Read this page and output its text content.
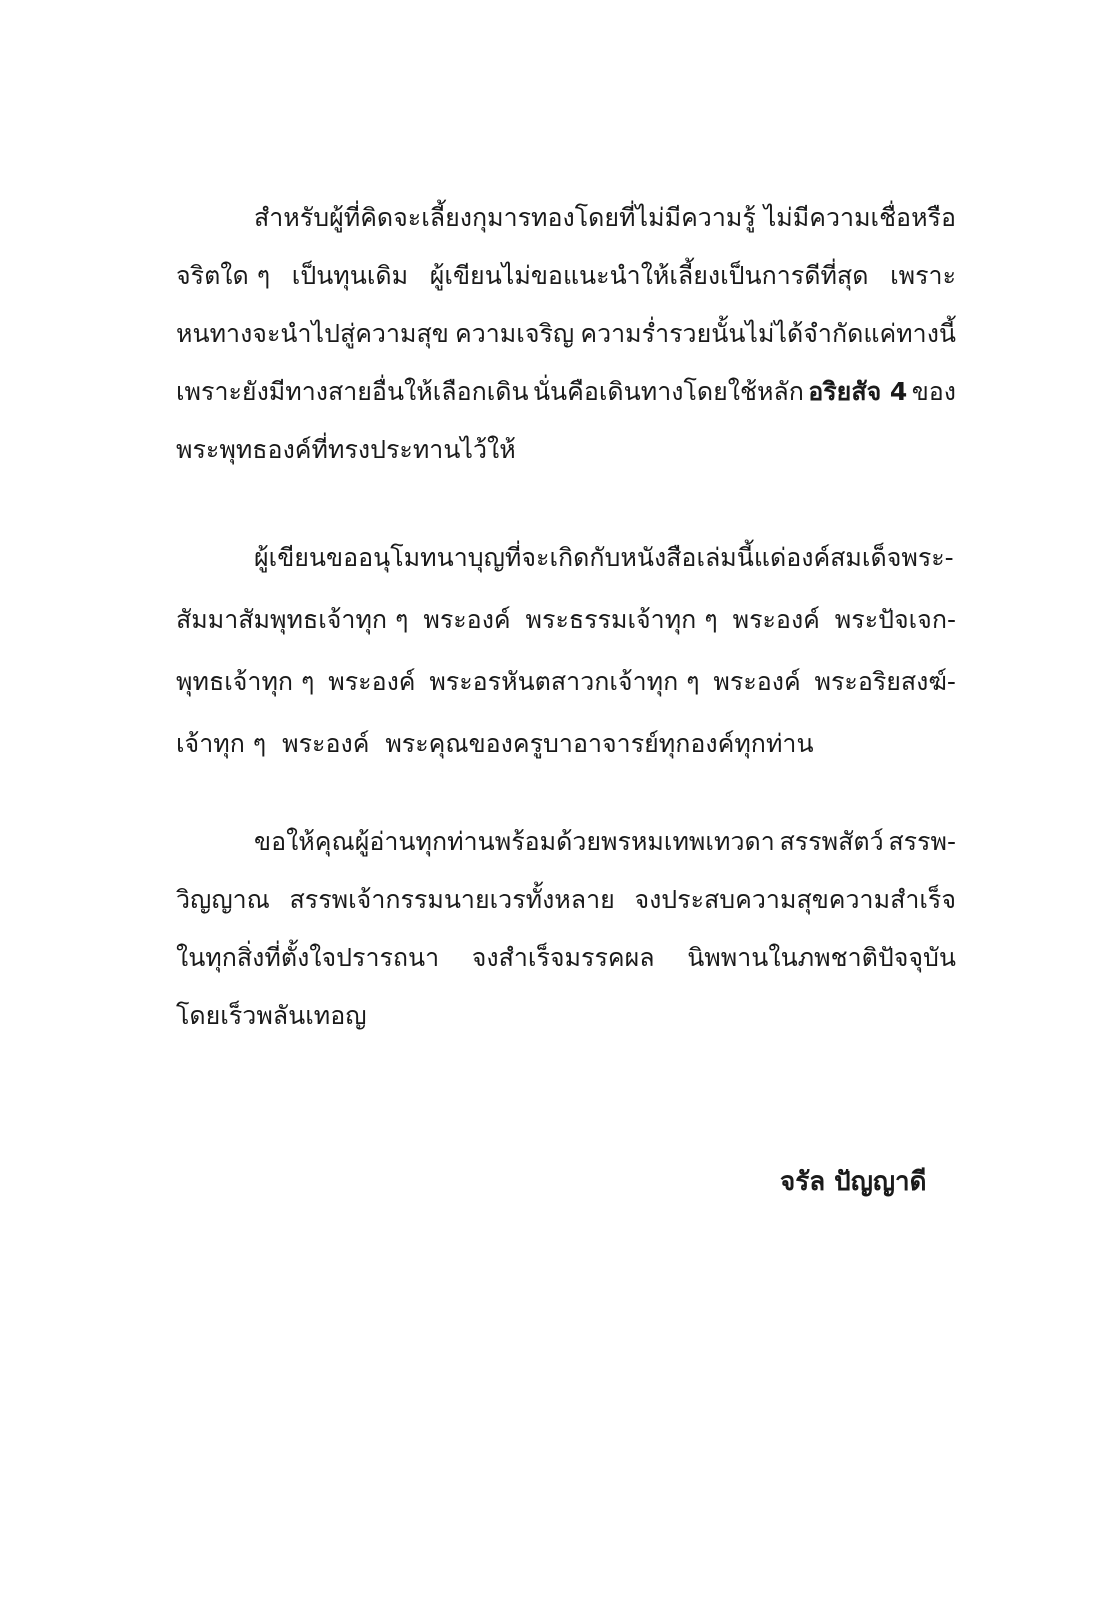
สำหรับผู้ที่คิดจะเลี้ยงกุมารทองโดยที่ไม่มีความรู้ ไม่มีความเชื่อหรือ
จริตใด ๆ เป็นทุนเดิม ผู้เขียนไม่ขอแนะนำให้เลี้ยงเป็นการดีที่สุด เพราะ
หนทางจะนำไปสู่ความสุข ความเจริญ ความร่ำรวยนั้นไม่ได้จำกัดแค่ทางนี้
เพราะยังมีทางสายอื่นให้เลือกเดิน นั่นคือเดินทางโดยใช้หลัก อริยสัจ 4 ของ
พระพุทธองค์ที่ทรงประทานไว้ให้
ผู้เขียนขออนุโมทนาบุญที่จะเกิดกับหนังสือเล่มนี้แด่องค์สมเด็จพระ-
สัมมาสัมพุทธเจ้าทุก ๆ พระองค์ พระธรรมเจ้าทุก ๆ พระองค์ พระปัจเจก-
พุทธเจ้าทุก ๆ พระองค์ พระอรหันตสาวกเจ้าทุก ๆ พระองค์ พระอริยสงฆ์-
เจ้าทุก ๆ พระองค์ พระคุณของครูบาอาจารย์ทุกองค์ทุกท่าน
ขอให้คุณผู้อ่านทุกท่านพร้อมด้วยพรหมเทพเทวดา สรรพสัตว์ สรรพ-
วิญญาณ สรรพเจ้ากรรมนายเวรทั้งหลาย จงประสบความสุขความสำเร็จ
ในทุกสิ่งที่ตั้งใจปรารถนา จงสำเร็จมรรคผล นิพพานในภพชาติปัจจุบัน
โดยเร็วพลันเทอญ
จรัล ปัญญาดี
